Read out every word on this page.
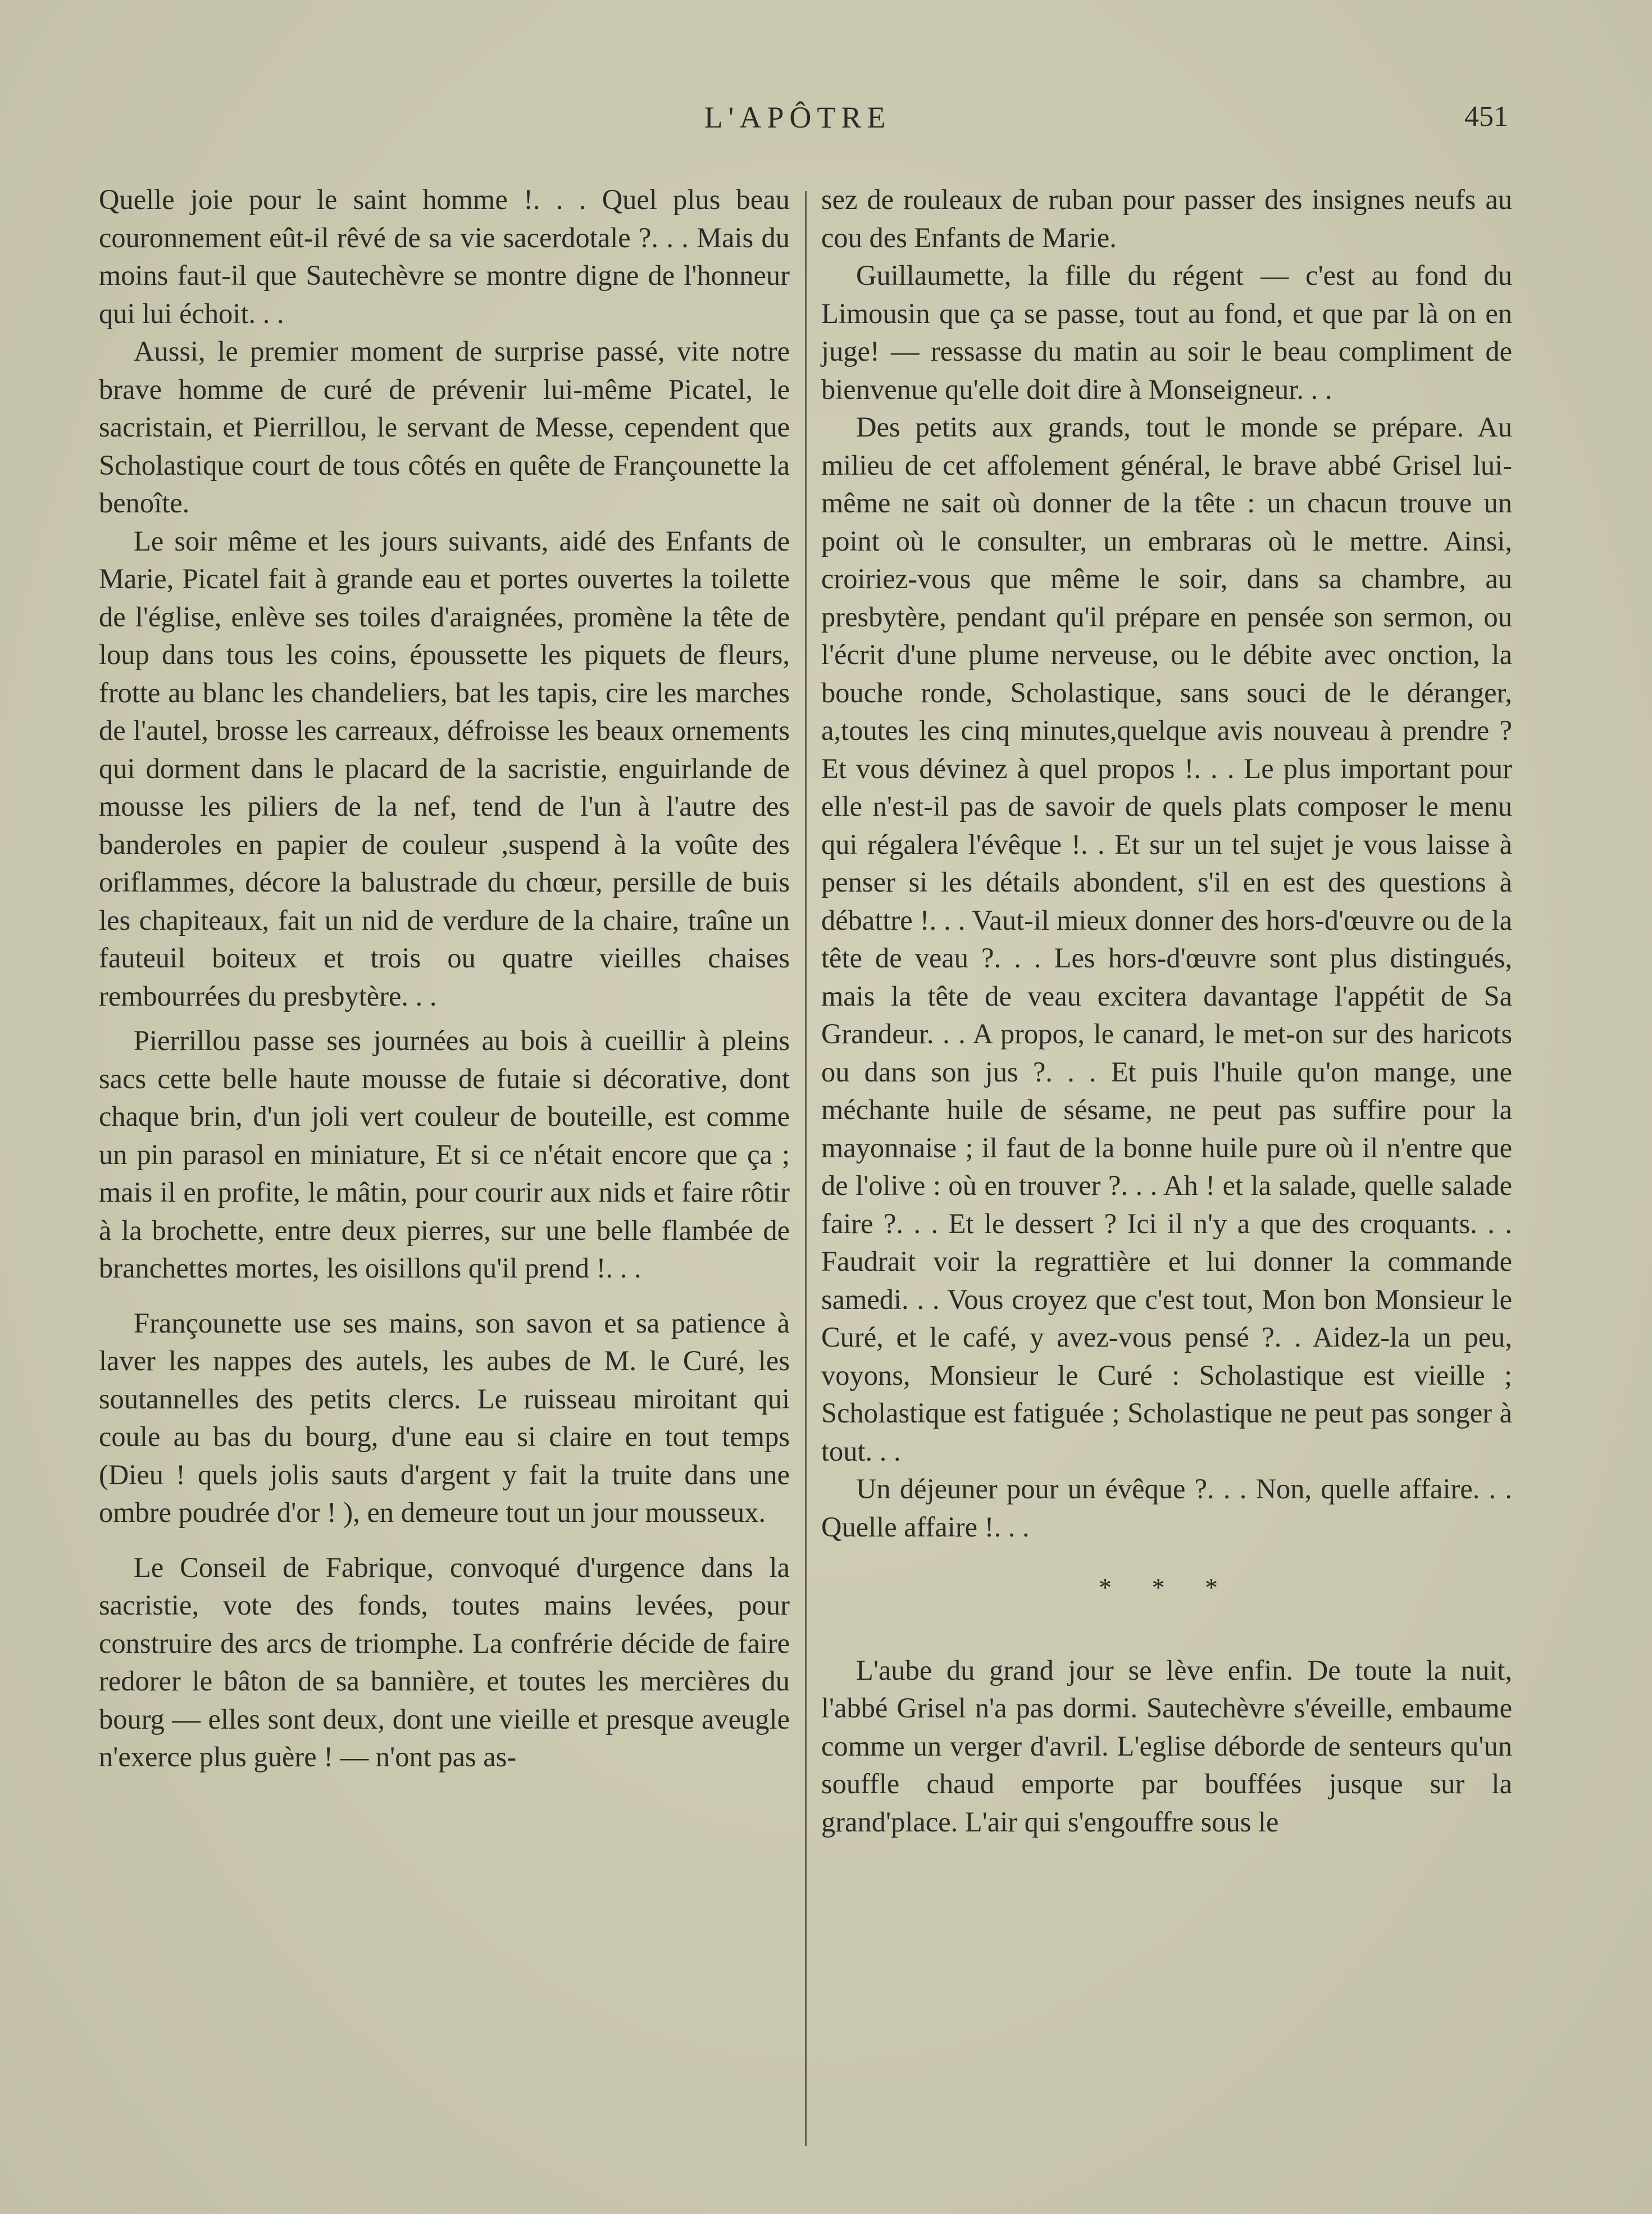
L'APÔTRE	451

Quelle joie pour le saint homme !. . . Quel plus beau couronnement eût-il rêvé de sa vie sacerdotale ?. . . Mais du moins faut-il que Sautechèvre se montre digne de l'honneur qui lui échoit. . .

Aussi, le premier moment de surprise passé, vite notre brave homme de curé de prévenir lui-même Picatel, le sacristain, et Pierrillou, le servant de Messe, cependent que Scholastique court de tous côtés en quête de Françounette la benoîte.

Le soir même et les jours suivants, aidé des Enfants de Marie, Picatel fait à grande eau et portes ouvertes la toilette de l'église, enlève ses toiles d'araignées, promène la tête de loup dans tous les coins, époussette les piquets de fleurs, frotte au blanc les chandeliers, bat les tapis, cire les marches de l'autel, brosse les carreaux, défroisse les beaux ornements qui dorment dans le placard de la sacristie, enguirlande de mousse les piliers de la nef, tend de l'un à l'autre des banderoles en papier de couleur ,suspend à la voûte des oriflammes, décore la balustrade du chœur, persille de buis les chapiteaux, fait un nid de verdure de la chaire, traîne un fauteuil boiteux et trois ou quatre vieilles chaises rembourrées du presbytère. . .

Pierrillou passe ses journées au bois à cueillir à pleins sacs cette belle haute mousse de futaie si décorative, dont chaque brin, d'un joli vert couleur de bouteille, est comme un pin parasol en miniature, Et si ce n'était encore que ça ; mais il en profite, le mâtin, pour courir aux nids et faire rôtir à la brochette, entre deux pierres, sur une belle flambée de branchettes mortes, les oisillons qu'il prend !. . .

Françounette use ses mains, son savon et sa patience à laver les nappes des autels, les aubes de M. le Curé, les soutannelles des petits clercs. Le ruisseau miroitant qui coule au bas du bourg, d'une eau si claire en tout temps (Dieu ! quels jolis sauts d'argent y fait la truite dans une ombre poudrée d'or ! ), en demeure tout un jour mousseux.

Le Conseil de Fabrique, convoqué d'urgence dans la sacristie, vote des fonds, toutes mains levées, pour construire des arcs de triomphe. La confrérie décide de faire redorer le bâton de sa bannière, et toutes les mercières du bourg — elles sont deux, dont une vieille et presque aveugle n'exerce plus guère ! — n'ont pas as-

sez de rouleaux de ruban pour passer des insignes neufs au cou des Enfants de Marie.

Guillaumette, la fille du régent — c'est au fond du Limousin que ça se passe, tout au fond, et que par là on en juge! — ressasse du matin au soir le beau compliment de bienvenue qu'elle doit dire à Monseigneur. . .

Des petits aux grands, tout le monde se prépare. Au milieu de cet affolement général, le brave abbé Grisel lui-même ne sait où donner de la tête : un chacun trouve un point où le consulter, un embraras où le mettre. Ainsi, croiriez-vous que même le soir, dans sa chambre, au presbytère, pendant qu'il prépare en pensée son sermon, ou l'écrit d'une plume nerveuse, ou le débite avec onction, la bouche ronde, Scholastique, sans souci de le déranger, a,toutes les cinq minutes,quelque avis nouveau à prendre ? Et vous dévinez à quel propos !. . . Le plus important pour elle n'est-il pas de savoir de quels plats composer le menu qui régalera l'évêque !. . Et sur un tel sujet je vous laisse à penser si les détails abondent, s'il en est des questions à débattre !. . . Vaut-il mieux donner des hors-d'œuvre ou de la tête de veau ?. . . Les hors-d'œuvre sont plus distingués, mais la tête de veau excitera davantage l'appétit de Sa Grandeur. . . A propos, le canard, le met-on sur des haricots ou dans son jus ?. . . Et puis l'huile qu'on mange, une méchante huile de sésame, ne peut pas suffire pour la mayonnaise ; il faut de la bonne huile pure où il n'entre que de l'olive : où en trouver ?. . . Ah ! et la salade, quelle salade faire ?. . . Et le dessert ? Ici il n'y a que des croquants. . . Faudrait voir la regrattière et lui donner la commande samedi. . . Vous croyez que c'est tout, Mon bon Monsieur le Curé, et le café, y avez-vous pensé ?. . Aidez-la un peu, voyons, Monsieur le Curé : Scholastique est vieille ; Scholastique est fatiguée ; Scholastique ne peut pas songer à tout. . .

Un déjeuner pour un évêque ?. . . Non, quelle affaire. . . Quelle affaire !. . .

* * *

L'aube du grand jour se lève enfin. De toute la nuit, l'abbé Grisel n'a pas dormi. Sautechèvre s'éveille, embaume comme un verger d'avril. L'eglise déborde de senteurs qu'un souffle chaud emporte par bouffées jusque sur la grand'place. L'air qui s'engouffre sous le
